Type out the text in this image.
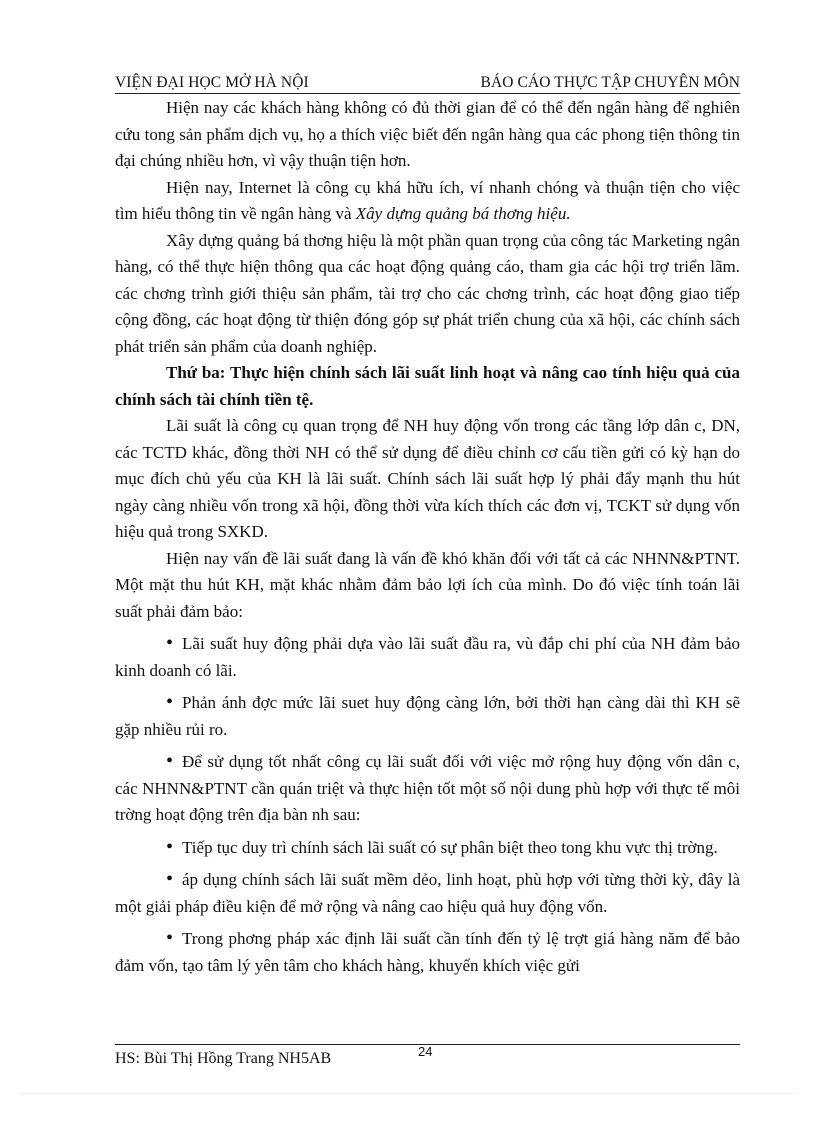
VIỆN ĐẠI HỌC MỞ HÀ NỘI	BÁO CÁO THỰC TẬP CHUYÊN MÔN

Hiện nay các khách hàng không có đủ thời gian để có thể đến ngân hàng để nghiên cứu tong sản phẩm dịch vụ, họ a thích việc biết đến ngân hàng qua các phong tiện thông tin đại chúng nhiều hơn, vì vậy thuận tiện hơn.

Hiện nay, Internet là công cụ khá hữu ích, ví nhanh chóng và thuận tiện cho việc tìm hiểu thông tin về ngân hàng và Xây dựng quảng bá thơng hiệu.

Xây dựng quảng bá thơng hiệu là một phần quan trọng của công tác Marketing ngân hàng, có thể thực hiện thông qua các hoạt động quảng cáo, tham gia các hội trợ triển lãm. các chơng trình giới thiệu sản phẩm, tài trợ cho các chơng trình, các hoạt động giao tiếp cộng đồng, các hoạt động từ thiện đóng góp sự phát triển chung của xã hội, các chính sách phát triển sản phẩm của doanh nghiệp.

Thứ ba: Thực hiện chính sách lãi suất linh hoạt và nâng cao tính hiệu quả của chính sách tài chính tiền tệ.

Lãi suất là công cụ quan trọng để NH huy động vốn trong các tầng lớp dân c, DN, các TCTD khác, đồng thời NH có thể sử dụng để điều chỉnh cơ cấu tiền gửi có kỳ hạn do mục đích chủ yếu của KH là lãi suất. Chính sách lãi suất hợp lý phải đẩy mạnh thu hút ngày càng nhiều vốn trong xã hội, đồng thời vừa kích thích các đơn vị, TCKT sử dụng vốn hiệu quả trong SXKD.

Hiện nay vấn đề lãi suất đang là vấn đề khó khăn đối với tất cả các NHNN&PTNT. Một mặt thu hút KH, mặt khác nhằm đảm bảo lợi ích của mình. Do đó việc tính toán lãi suất phải đảm bảo:

• Lãi suất huy động phải dựa vào lãi suất đầu ra, vù đắp chi phí của NH đảm bảo kinh doanh có lãi.

• Phản ánh đợc mức lãi suet huy động càng lớn, bởi thời hạn càng dài thì KH sẽ gặp nhiều rủi ro.

• Để sử dụng tốt nhất công cụ lãi suất đối với việc mở rộng huy động vốn dân c, các NHNN&PTNT cần quán triệt và thực hiện tốt một số nội dung phù hợp với thực tế môi trờng hoạt động trên địa bàn nh sau:

• Tiếp tục duy trì chính sách lãi suất có sự phân biệt theo tong khu vực thị trờng.

• áp dụng chính sách lãi suất mềm dẻo, linh hoạt, phù hợp với từng thời kỳ, đây là một giải pháp điều kiện để mở rộng và nâng cao hiệu quả huy động vốn.

• Trong phơng pháp xác định lãi suất cần tính đến tỷ lệ trợt giá hàng năm để bảo đảm vốn, tạo tâm lý yên tâm cho khách hàng, khuyến khích việc gửi

HS: Bùi Thị Hồng Trang NH5AB	24
